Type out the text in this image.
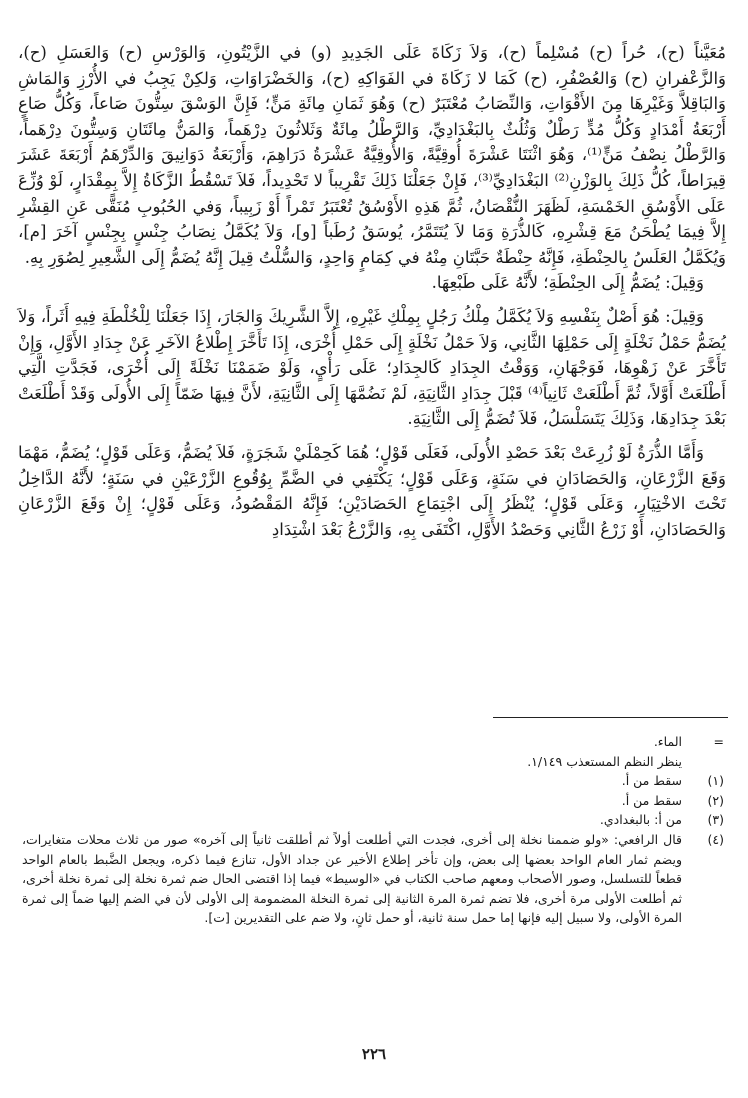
مُعَيَّناً (ح)، حُراً (ح) مُسْلِماً (ح)، وَلاَ زَكَاةَ عَلَى الجَدِيدِ (و) في الزَّيْتُونِ، وَالوَرْسِ (ح) وَالعَسَلِ (ح)، وَالزَّعْفرانِ (ح) وَالعُصْفُرِ، (ح) كَمَا لا زَكَاةَ في الفَوَاكِهِ (ح)، وَالخَضْرَاوَاتِ، وَلكِنْ يَجِبُ في الأُرْزِ وَالمَاشِ وَالبَاقِلاَّ وَغَيْرِهَا مِنَ الأَقْوَاتِ، وَالنِّصَابُ مُعْتَبَرٌ (ح) وَهُوَ ثَمَانِ مِائَةِ مَنٍّ؛ فَإِنَّ الوَسْقَ سِتُّونَ صَاعاً، وَكُلُّ صَاعٍ أَرْبَعَةُ أَمْدَادٍ وَكُلُّ مُدٍّ رَطْلٌ وَثُلُثٌ بِالبَغْدَادِيِّ، وَالرَّطْلُ مِائَةٌ وَثَلاثُونَ دِرْهَماً، وَالمَنُّ مِائَتَانِ وَسِتُّونَ دِرْهَماً، وَالرَّطْلُ نِصْفُ مَنٍّ⁽¹⁾، وَهُوَ اثْنَتَا عَشْرَةَ أُوقِيَّةً، وَالأُوقِيَّةُ عَشْرَةُ دَرَاهِمَ، وَأَرْبَعَةُ دَوَانِيقَ وَالدِّرْهَمُ أَرْبَعَةَ عَشَرَ قِيرَاطاً، كُلُّ ذَلِكَ بِالوَزْنِ⁽²⁾ البَغْدَادِيِّ⁽³⁾، فَإِنْ جَعَلْنَا ذَلِكَ تَقْرِيباً لا تَحْدِيداً، فَلاَ تَسْقُطُ الزَّكَاةُ إِلاَّ بِمِقْدَارٍ، لَوْ وُزِّعَ عَلَى الأَوْسُقِ الخَمْسَةِ، لَظَهَرَ النُّقْصَانُ، ثُمَّ هَذِهِ الأَوْسُقُ تُعْتَبَرُ تَمْراً أَوْ زَبِيباً، وَفي الحُبُوبِ مُنَقًّى عَنِ القِشْرِ إِلاَّ فِيمَا يُطْحَنُ مَعَ قِشْرِهِ، كَالذُّرَةِ وَمَا لاَ يُتَتَمَّرُ، يُوسَقُ رُطَباً [و]، وَلاَ يُكَمَّلُ نِصَابُ جِنْسٍ بِجِنْسٍ آخَرَ [م]، وَيُكَمَّلُ العَلَسُ بِالحِنْطَةِ، فَإِنَّهُ حِنْطَةٌ حَبَّتَانِ مِنْهُ في كِمَامٍ وَاحِدٍ، وَالسُّلْتُ قِيلَ إِنَّهُ يُضَمُّ إِلَى الشَّعِيرِ لِصُوَرِ بِهِ.

وَقِيلَ: يُضَمُّ إِلَى الحِنْطَةِ؛ لأَنَّهُ عَلَى طَبْعِهَا.

وَقِيلَ: هُوَ أَصْلٌ بِنَفْسِهِ وَلاَ يُكَمَّلُ مِلْكُ رَجُلٍ بِمِلْكِ غَيْرِهِ، إِلاَّ الشَّرِيكَ وَالجَارَ، إِذَا جَعَلْنَا لِلْخُلْطَةِ فِيهِ أَثَراً، وَلاَ يُضَمُّ حَمْلُ نَخْلَةٍ إِلَى حَمْلِهَا الثَّانِي، وَلاَ حَمْلُ نَخْلَةٍ إِلَى حَمْلِ أُخْرَى، إِذَا تَأَخَّرَ إِطْلاعُ الآخَرِ عَنْ جِدَادِ الأَوَّلِ، وَإِنْ تَأَخَّرَ عَنْ زَهْوِهَا، فَوَجْهَانِ، وَوَقْتُ الجِدَادِ كَالجِدَادِ؛ عَلَى رَأْيٍ، وَلَوْ ضَمَمْنَا نَخْلَةً إِلَى أُخْرَى، فَجَدَّتِ الَّتِي أَطْلَعَتْ أَوَّلاً، ثُمَّ أَطْلَعَتْ ثَانِياً⁽⁴⁾ قَبْلَ جِدَادِ الثَّانِيَةِ، لَمْ نَضُمَّهَا إِلَى الثَّانِيَةِ، لأَنَّ فِيهَا ضَمّاً إِلَى الأُولَى وَقَدْ أَطْلَعَتْ بَعْدَ جِدَادِهَا، وَذَلِكَ يَتَسَلْسَلُ، فَلاَ تُضَمُّ إِلَى الثَّانِيَةِ.

وَأَمَّا الذُّرَةُ لَوْ زُرِعَتْ بَعْدَ حَصْدِ الأُولَى، فَعَلَى قَوْلٍ؛ هُمَا كَحِمْلَيْ شَجَرَةٍ، فَلاَ يُضَمُّ، وَعَلَى قَوْلٍ؛ يُضَمُّ، مَهْمَا وَقَعَ الزَّرْعَانِ، وَالحَصَادَانِ في سَنَةٍ، وَعَلَى قَوْلٍ؛ يَكْتَفِي في الضَّمِّ بِوُقُوعِ الزَّرْعَيْنِ في سَنَةٍ؛ لأَنَّهُ الدَّاخِلُ تَحْتَ الاخْتِيَارِ، وَعَلَى قَوْلٍ؛ يُنْظَرُ إِلَى اجْتِمَاعِ الحَصَادَيْنِ؛ فَإِنَّهُ المَقْصُودُ، وَعَلَى قَوْلٍ؛ إِنْ وَقَعَ الزَّرْعَانِ وَالحَصَادَانِ، أَوْ زَرْعُ الثَّانِي وَحَصْدُ الأَوَّلِ، اكْتَفَى بِهِ، وَالزَّرْعُ بَعْدَ اشْتِدَادِ

=
الماء.
ينظر النظم المستعذب ١/١٤٩.
(١)
سقط من أ.
(٢)
سقط من أ.
(٣)
من أ: بالبغدادي.
(٤)
قال الرافعي: «ولو ضممنا نخلة إلى أخرى، فجدت التي أطلعت أولاً ثم أطلقت ثانياً إلى آخره» صور من ثلاث محلات متغايرات، ويضم ثمار العام الواحد بعضها إلى بعض، وإن تأخر إطلاع الأخير عن جداد الأول، تنازع فيما ذكره، ويجعل الضَّبط بالعام الواحد قطعاً للتسلسل، وصور الأصحاب ومعهم صاحب الكتاب في «الوسيط» فيما إذا اقتضى الحال ضم ثمرة نخلة إلى ثمرة نخلة أخرى، ثم أطلعت الأولى مرة أخرى، فلا تضم ثمرة المرة الثانية إلى ثمرة النخلة المضمومة إلى الأولى لأن في الضم إليها ضماً إلى ثمرة المرة الأولى، ولا سبيل إليه فإنها إما حمل سنة ثانية، أو حمل ثانٍ، ولا ضم على التقديرين [ت].
٢٢٦
